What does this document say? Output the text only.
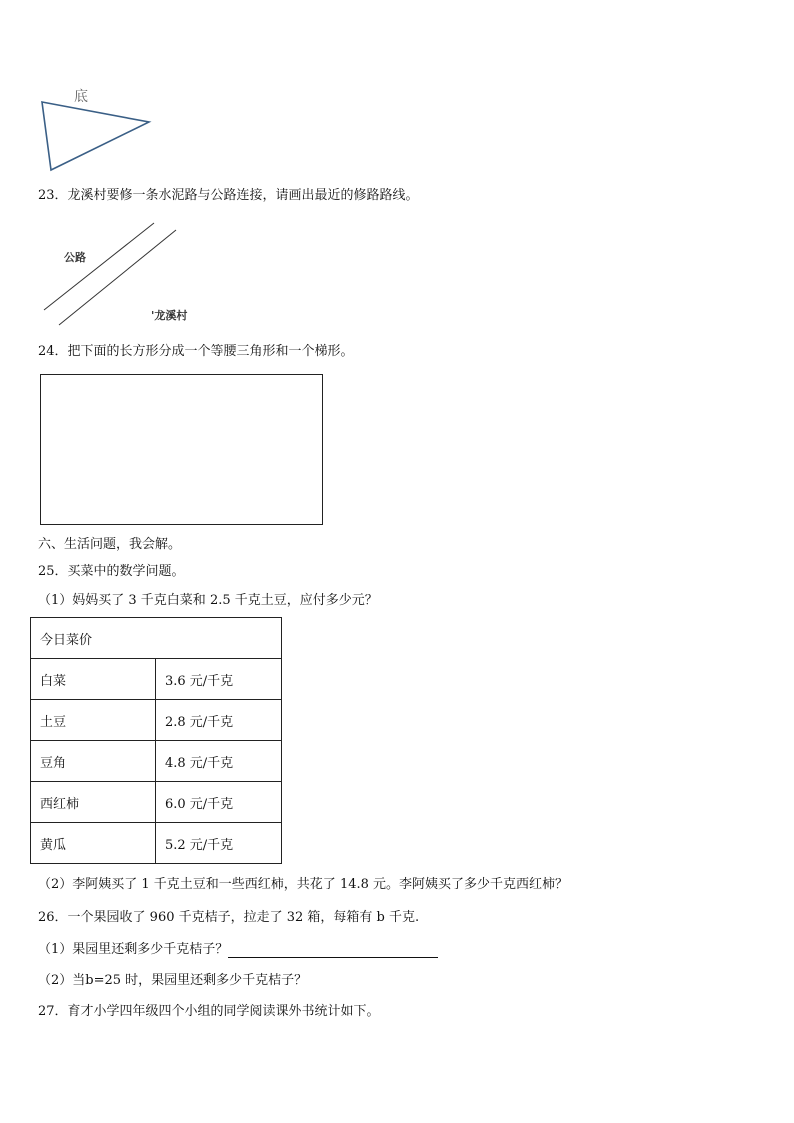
底
23．龙溪村要修一条水泥路与公路连接，请画出最近的修路路线。
公路
'龙溪村
24．把下面的长方形分成一个等腰三角形和一个梯形。
六、生活问题，我会解。
25．买菜中的数学问题。
（1）妈妈买了 3 千克白菜和 2.5 千克土豆，应付多少元？
今日菜价	
白菜	3.6 元/千克
土豆	2.8 元/千克
豆角	4.8 元/千克
西红柿	6.0 元/千克
黄瓜	5.2 元/千克
（2）李阿姨买了 1 千克土豆和一些西红柿，共花了 14.8 元。李阿姨买了多少千克西红柿？
26．一个果园收了 960 千克桔子，拉走了 32 箱，每箱有 b 千克.
（1）果园里还剩多少千克桔子？
（2）当b=25 时，果园里还剩多少千克桔子？
27．育才小学四年级四个小组的同学阅读课外书统计如下。
